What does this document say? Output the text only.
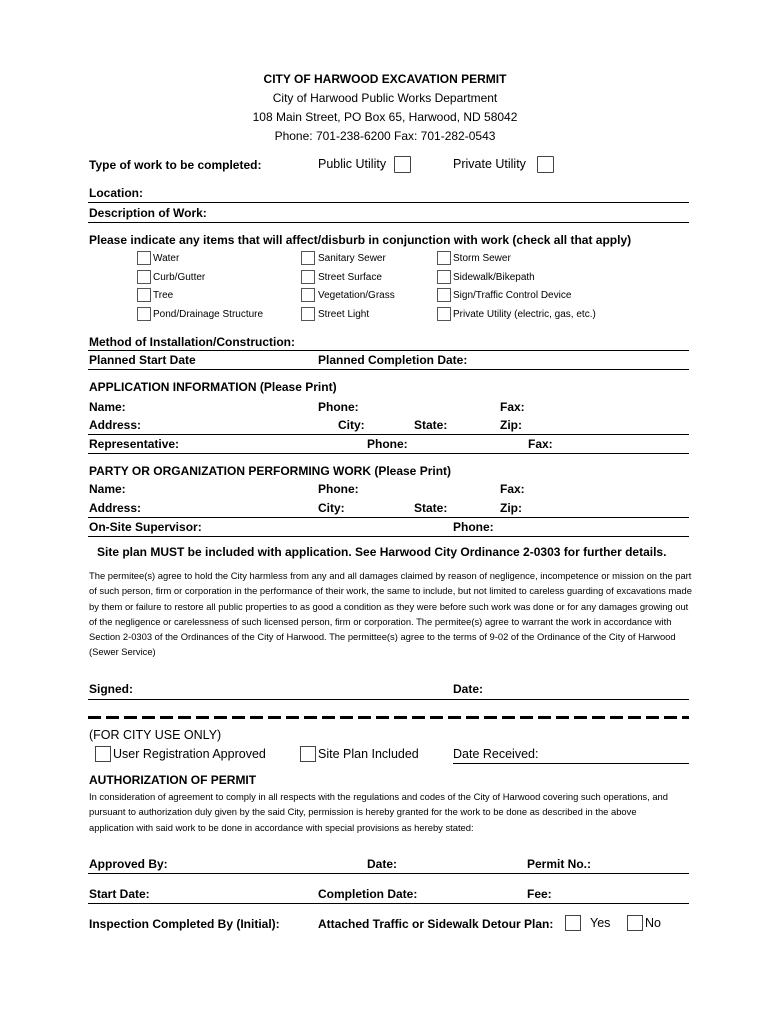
CITY OF HARWOOD EXCAVATION PERMIT
City of Harwood Public Works Department
108 Main Street, PO Box 65, Harwood, ND 58042
Phone: 701-238-6200 Fax: 701-282-0543
Type of work to be completed:	Public Utility	Private Utility
Location:
Description of Work:
Please indicate any items that will affect/disburb in conjunction with work (check all that apply)
Water
Curb/Gutter
Tree
Pond/Drainage Structure
Sanitary Sewer
Street Surface
Vegetation/Grass
Street Light
Storm Sewer
Sidewalk/Bikepath
Sign/Traffic Control Device
Private Utility (electric, gas, etc.)
Method of Installation/Construction:
Planned Start Date	Planned Completion Date:
APPLICATION INFORMATION (Please Print)
Name:	Phone:	Fax:
Address:	City:	State:	Zip:
Representative:	Phone:	Fax:
PARTY OR ORGANIZATION PERFORMING WORK (Please Print)
Name:	Phone:	Fax:
Address:	City:	State:	Zip:
On-Site Supervisor:	Phone:
Site plan MUST be included with application. See Harwood City Ordinance 2-0303 for further details.
The permitee(s) agree to hold the City harmless from any and all damages claimed by reason of negligence, incompetence or mission on the part of such person, firm or corporation in the performance of their work, the same to include, but not limited to careless guarding of excavations made by them or failure to restore all public properties to as good a condition as they were before such work was done or for any damages growing out of the negligence or carelessness of such licensed person, firm or corporation. The permitee(s) agree to warrant the work in accordance with Section 2-0303 of the Ordinances of the City of Harwood. The permittee(s) agree to the terms of 9-02 of the Ordinance of the City of Harwood (Sewer Service)
Signed:	Date:
(FOR CITY USE ONLY)
User Registration Approved	Site Plan Included	Date Received:
AUTHORIZATION OF PERMIT
In consideration of agreement to comply in all respects with the regulations and codes of the City of Harwood covering such operations, and pursuant to authorization duly given by the said City, permission is hereby granted for the work to be done as described in the above application with said work to be done in accordance with special provisions as hereby stated:
Approved By:	Date:	Permit No.:
Start Date:	Completion Date:	Fee:
Inspection Completed By (Initial):	Attached Traffic or Sidewalk Detour Plan:	Yes	No
